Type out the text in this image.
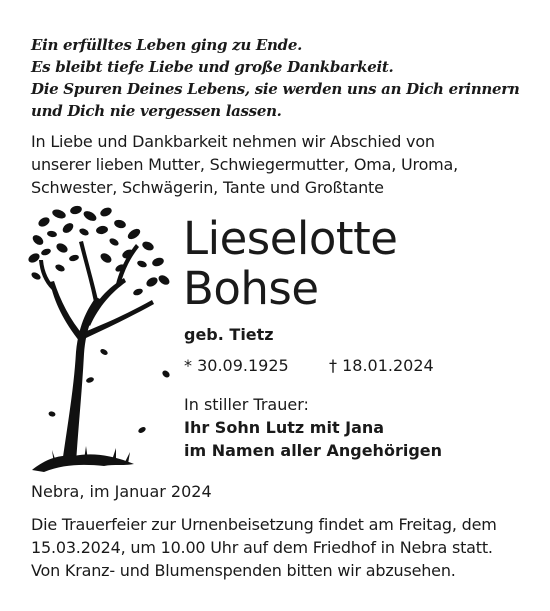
Ein erfülltes Leben ging zu Ende.
Es bleibt tiefe Liebe und große Dankbarkeit.
Die Spuren Deines Lebens, sie werden uns an Dich erinnern
und Dich nie vergessen lassen.
In Liebe und Dankbarkeit nehmen wir Abschied von
unserer lieben Mutter, Schwiegermutter, Oma, Uroma,
Schwester, Schwägerin, Tante und Großtante
Lieselotte
Bohse
geb. Tietz
* 30.09.1925	† 18.01.2024
In stiller Trauer:
Ihr Sohn Lutz mit Jana
im Namen aller Angehörigen
Nebra, im Januar 2024
Die Trauerfeier zur Urnenbeisetzung findet am Freitag, dem
15.03.2024, um 10.00 Uhr auf dem Friedhof in Nebra statt.
Von Kranz- und Blumenspenden bitten wir abzusehen.
